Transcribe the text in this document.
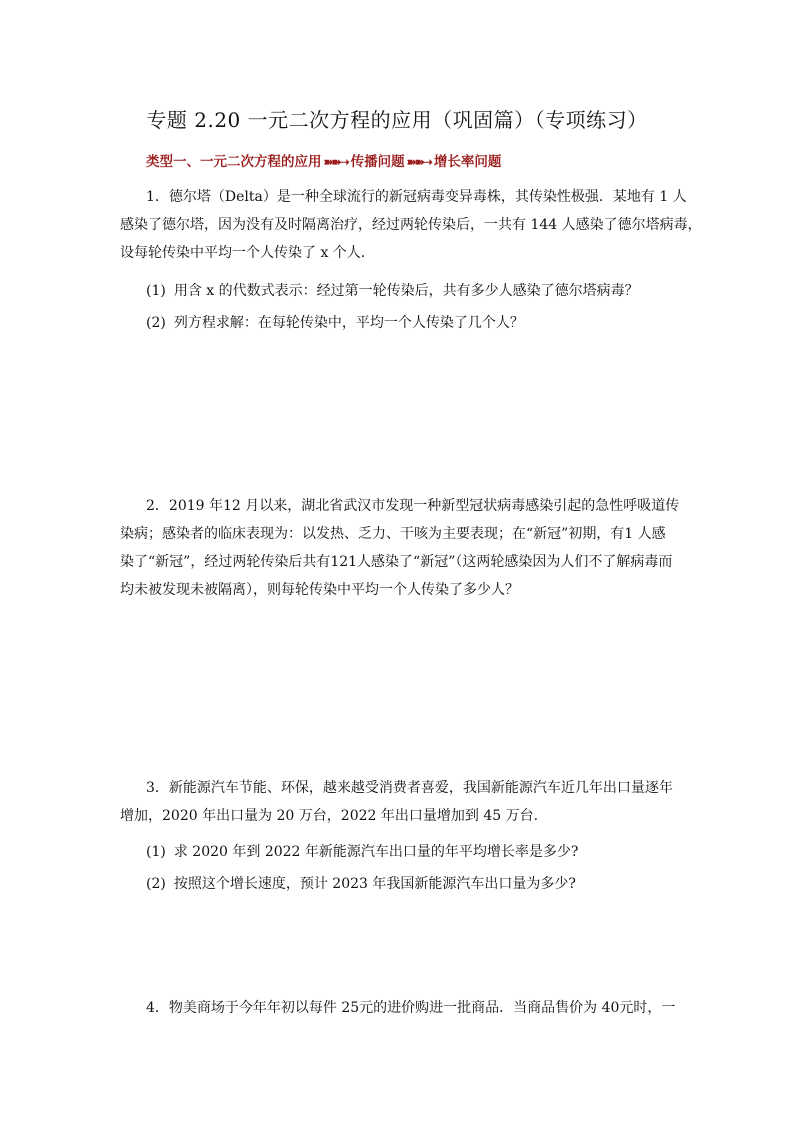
专题 2.20 一元二次方程的应用（巩固篇）（专项练习）
类型一、一元二次方程的应用 ➽➽➝ 传播问题 ➽➽➝ 增长率问题
1．德尔塔（Delta）是一种全球流行的新冠病毒变异毒株，其传染性极强．某地有 1 人
感染了德尔塔，因为没有及时隔离治疗，经过两轮传染后，一共有 144 人感染了德尔塔病毒，
设每轮传染中平均一个人传染了 x 个人．
(1) 用含 x 的代数式表示：经过第一轮传染后，共有多少人感染了德尔塔病毒？
(2) 列方程求解：在每轮传染中，平均一个人传染了几个人？
2．2019 年12 月以来，湖北省武汉市发现一种新型冠状病毒感染引起的急性呼吸道传
染病；感染者的临床表现为：以发热、乏力、干咳为主要表现；在“新冠”初期，有1 人感
染了“新冠”，经过两轮传染后共有121人感染了“新冠”（这两轮感染因为人们不了解病毒而
均未被发现未被隔离），则每轮传染中平均一个人传染了多少人？
3．新能源汽车节能、环保，越来越受消费者喜爱，我国新能源汽车近几年出口量逐年
增加，2020 年出口量为 20 万台，2022 年出口量增加到 45 万台.
(1) 求 2020 年到 2022 年新能源汽车出口量的年平均增长率是多少?
(2) 按照这个增长速度，预计 2023 年我国新能源汽车出口量为多少?
4．物美商场于今年年初以每件 25元的进价购进一批商品．当商品售价为 40元时，一
